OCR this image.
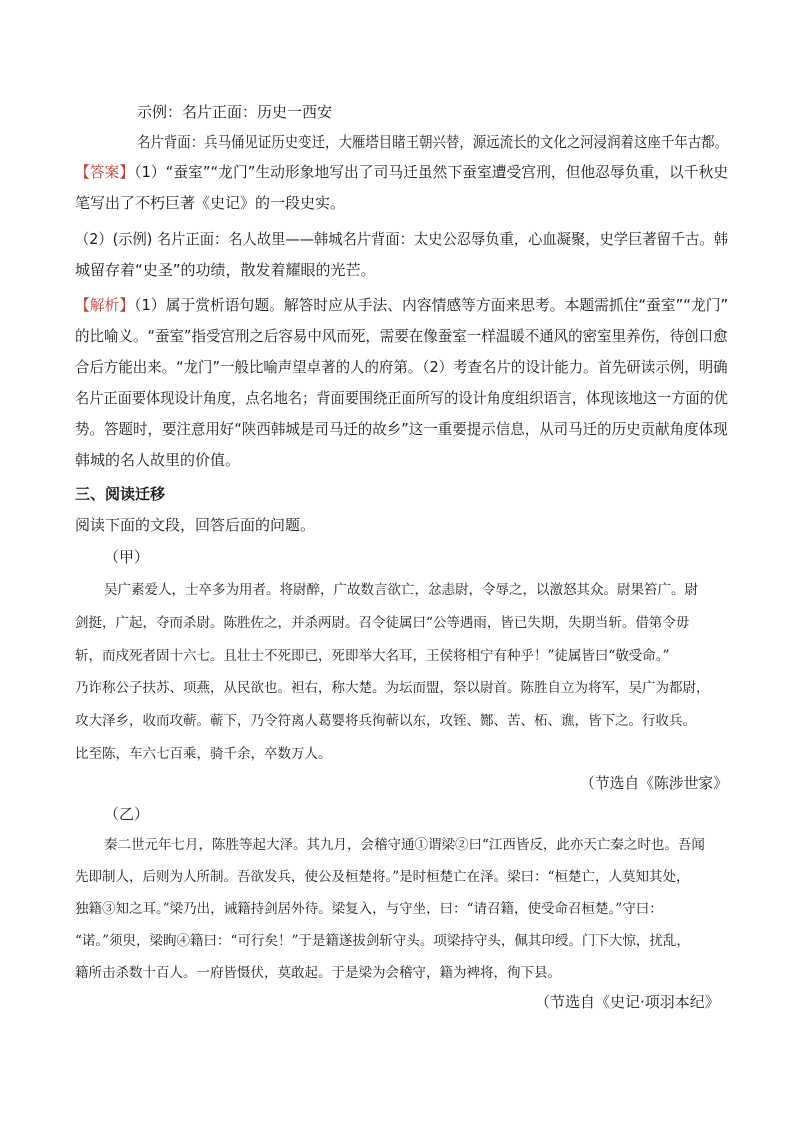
示例：名片正面：历史一西安
名片背面：兵马俑见证历史变迁，大雁塔目睹王朝兴替，源远流长的文化之河浸润着这座千年古都。
【答案】（1）“蚕室”“龙门”生动形象地写出了司马迁虽然下蚕室遭受宫刑，但他忍辱负重，以千秋史
笔写出了不朽巨著《史记》的一段史实。
（2）(示例) 名片正面：名人故里——韩城名片背面：太史公忍辱负重，心血凝聚，史学巨著留千古。韩
城留存着“史圣”的功绩，散发着耀眼的光芒。
【解析】（1）属于赏析语句题。解答时应从手法、内容情感等方面来思考。本题需抓住“蚕室”“龙门”
的比喻义。“蚕室”指受宫刑之后容易中风而死，需要在像蚕室一样温暖不通风的密室里养伤，待创口愈
合后方能出来。“龙门”一般比喻声望卓著的人的府第。（2）考查名片的设计能力。首先研读示例，明确
名片正面要体现设计角度，点名地名；背面要围绕正面所写的设计角度组织语言，体现该地这一方面的优
势。答题时，要注意用好“陕西韩城是司马迁的故乡”这一重要提示信息，从司马迁的历史贡献角度体现
韩城的名人故里的价值。
三、阅读迁移
阅读下面的文段，回答后面的问题。
（甲）
吴广素爱人，士卒多为用者。将尉醉，广故数言欲亡，忿恚尉，令辱之，以激怒其众。尉果笞广。尉
剑挺，广起，夺而杀尉。陈胜佐之，并杀两尉。召令徒属曰“公等遇雨，皆已失期，失期当斩。借第令毋
斩，而戍死者固十六七。且壮士不死即已，死即举大名耳，王侯将相宁有种乎！”徒属皆曰“敬受命。”
乃诈称公子扶苏、项燕，从民欲也。袒右，称大楚。为坛而盟，祭以尉首。陈胜自立为将军，吴广为都尉，
攻大泽乡，收而攻蕲。蕲下，乃令符离人葛婴将兵徇蕲以东，攻铚、酂、苦、柘、谯，皆下之。行收兵。
比至陈，车六七百乘，骑千余，卒数万人。
（节选自《陈涉世家》
（乙）
秦二世元年七月，陈胜等起大泽。其九月，会稽守通①谓梁②曰“江西皆反，此亦天亡秦之时也。吾闻
先即制人，后则为人所制。吾欲发兵，使公及桓楚将。”是时桓楚亡在泽。梁曰：“桓楚亡，人莫知其处，
独籍③知之耳。”梁乃出，诫籍持剑居外待。梁复入，与守坐，曰：“请召籍，使受命召桓楚。”守曰：
“诺。”须臾，梁眴④籍曰：“可行矣！”于是籍遂拔剑斩守头。项梁持守头，佩其印绶。门下大惊，扰乱，
籍所击杀数十百人。一府皆慑伏，莫敢起。于是梁为会稽守，籍为裨将，徇下县。
（节选自《史记·项羽本纪》
